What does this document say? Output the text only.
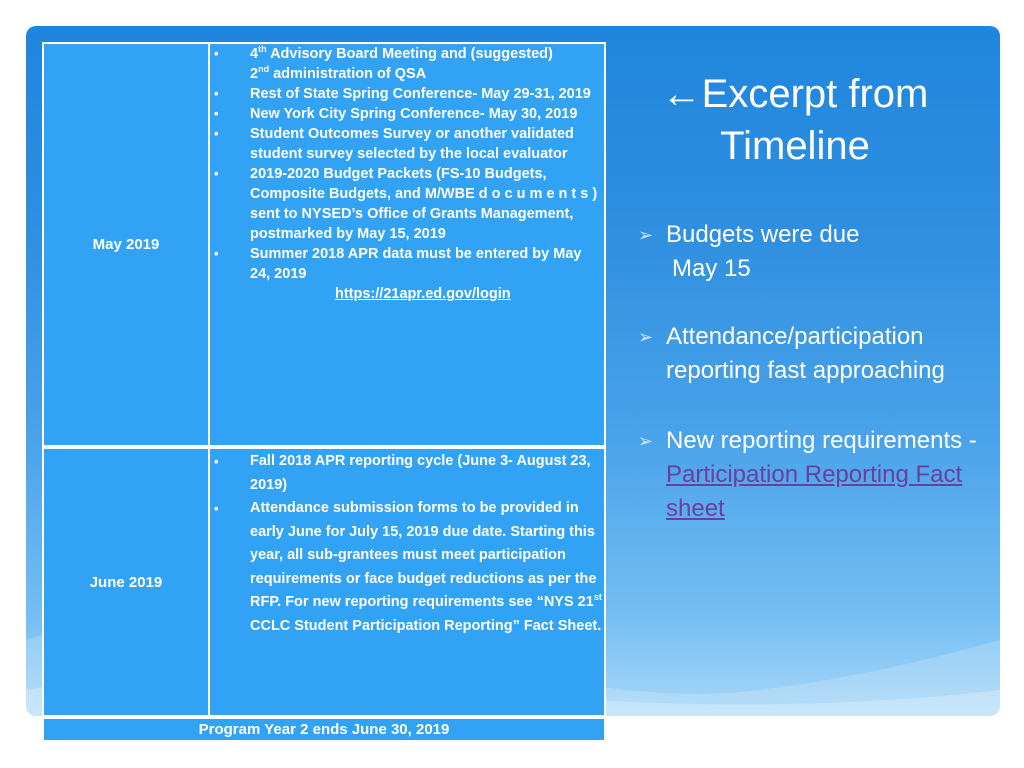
May 2019
• 4th Advisory Board Meeting and (suggested)
2nd administration of QSA
• Rest of State Spring Conference- May 29-31, 2019
• New York City Spring Conference- May 30, 2019
• Student Outcomes Survey or another validated student survey selected by the local evaluator
• 2019-2020 Budget Packets (FS-10 Budgets, Composite Budgets, and M/WBE d o c u m e n t s ) sent to NYSED’s Office of Grants Management, postmarked by May 15, 2019
• Summer 2018 APR data must be entered by May 24, 2019
https://21apr.ed.gov/login
June 2019
• Fall 2018 APR reporting cycle (June 3- August 23, 2019)
• Attendance submission forms to be provided in early June for July 15, 2019 due date. Starting this year, all sub-grantees must meet participation requirements or face budget reductions as per the RFP. For new reporting requirements see “NYS 21st CCLC Student Participation Reporting” Fact Sheet.
Program Year 2 ends June 30, 2019
←Excerpt from Timeline
➢ Budgets were due
May 15
➢ Attendance/participation reporting fast approaching
➢ New reporting requirements -
Participation Reporting Fact sheet
